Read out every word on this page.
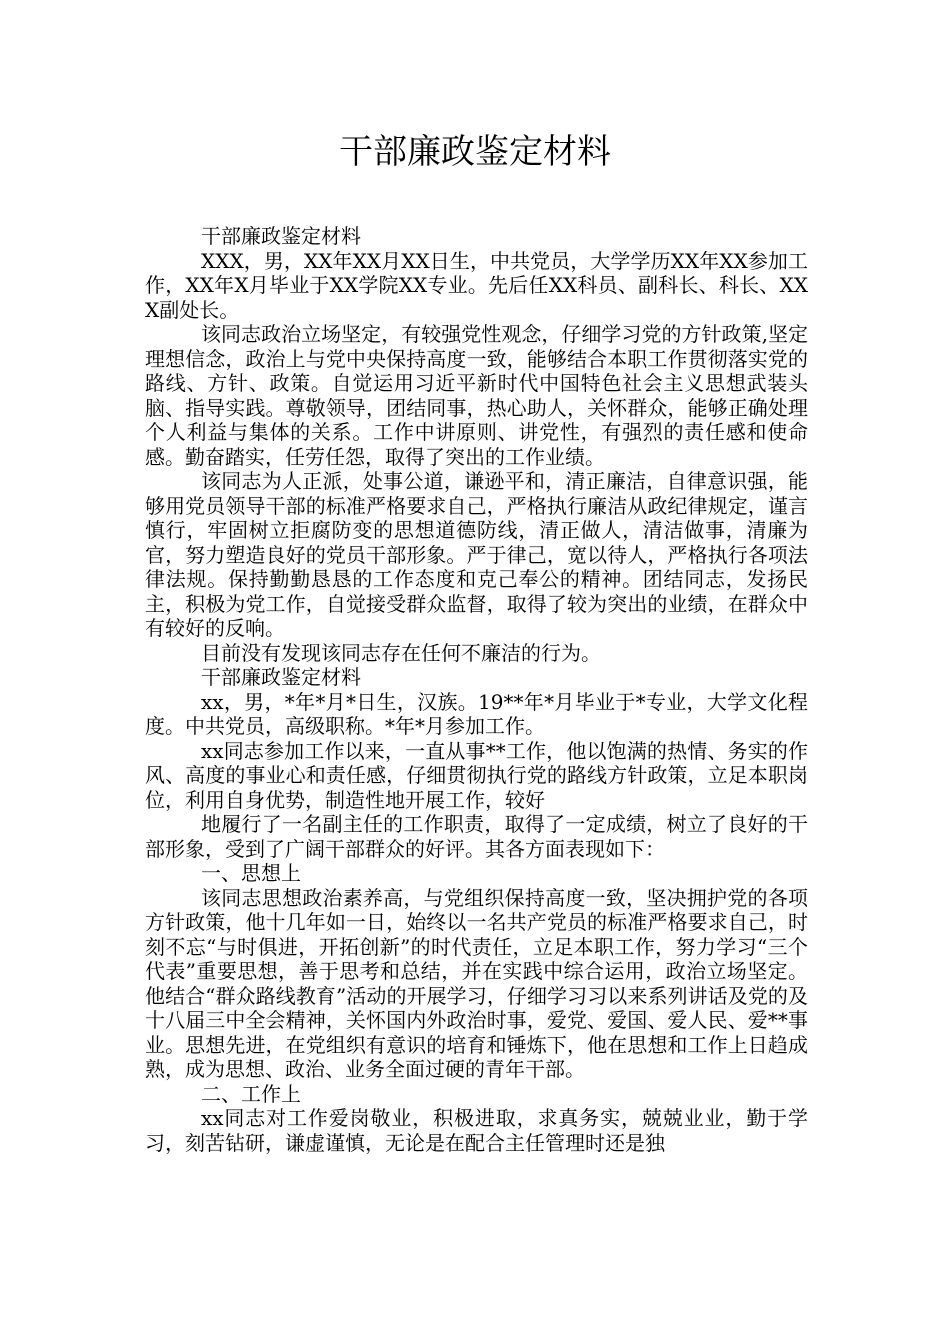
干部廉政鉴定材料

干部廉政鉴定材料

XXX，男，XX年XX月XX日生，中共党员，大学学历XX年XX参加工作，XX年X月毕业于XX学院XX专业。先后任XX科员、副科长、科长、XXX副处长。

该同志政治立场坚定，有较强党性观念，仔细学习党的方针政策,坚定理想信念，政治上与党中央保持高度一致，能够结合本职工作贯彻落实党的路线、方针、政策。自觉运用习近平新时代中国特色社会主义思想武装头脑、指导实践。尊敬领导，团结同事，热心助人，关怀群众，能够正确处理个人利益与集体的关系。工作中讲原则、讲党性，有强烈的责任感和使命感。勤奋踏实，任劳任怨，取得了突出的工作业绩。

该同志为人正派，处事公道，谦逊平和，清正廉洁，自律意识强，能够用党员领导干部的标准严格要求自己，严格执行廉洁从政纪律规定，谨言慎行，牢固树立拒腐防变的思想道德防线，清正做人，清洁做事，清廉为官，努力塑造良好的党员干部形象。严于律己，宽以待人，严格执行各项法律法规。保持勤勤恳恳的工作态度和克己奉公的精神。团结同志，发扬民主，积极为党工作，自觉接受群众监督，取得了较为突出的业绩，在群众中有较好的反响。

目前没有发现该同志存在任何不廉洁的行为。

干部廉政鉴定材料

xx，男，*年*月*日生，汉族。19**年*月毕业于*专业，大学文化程度。中共党员，高级职称。*年*月参加工作。

xx同志参加工作以来，一直从事**工作，他以饱满的热情、务实的作风、高度的事业心和责任感，仔细贯彻执行党的路线方针政策，立足本职岗位，利用自身优势，制造性地开展工作，较好

地履行了一名副主任的工作职责，取得了一定成绩，树立了良好的干部形象，受到了广阔干部群众的好评。其各方面表现如下：

一、思想上

该同志思想政治素养高，与党组织保持高度一致，坚决拥护党的各项方针政策，他十几年如一日，始终以一名共产党员的标准严格要求自己，时刻不忘“与时俱进，开拓创新”的时代责任，立足本职工作，努力学习“三个代表”重要思想，善于思考和总结，并在实践中综合运用，政治立场坚定。他结合“群众路线教育”活动的开展学习，仔细学习习以来系列讲话及党的及十八届三中全会精神，关怀国内外政治时事，爱党、爱国、爱人民、爱**事业。思想先进，在党组织有意识的培育和锤炼下，他在思想和工作上日趋成熟，成为思想、政治、业务全面过硬的青年干部。

二、工作上

xx同志对工作爱岗敬业，积极进取，求真务实，兢兢业业，勤于学习，刻苦钻研，谦虚谨慎，无论是在配合主任管理时还是独
